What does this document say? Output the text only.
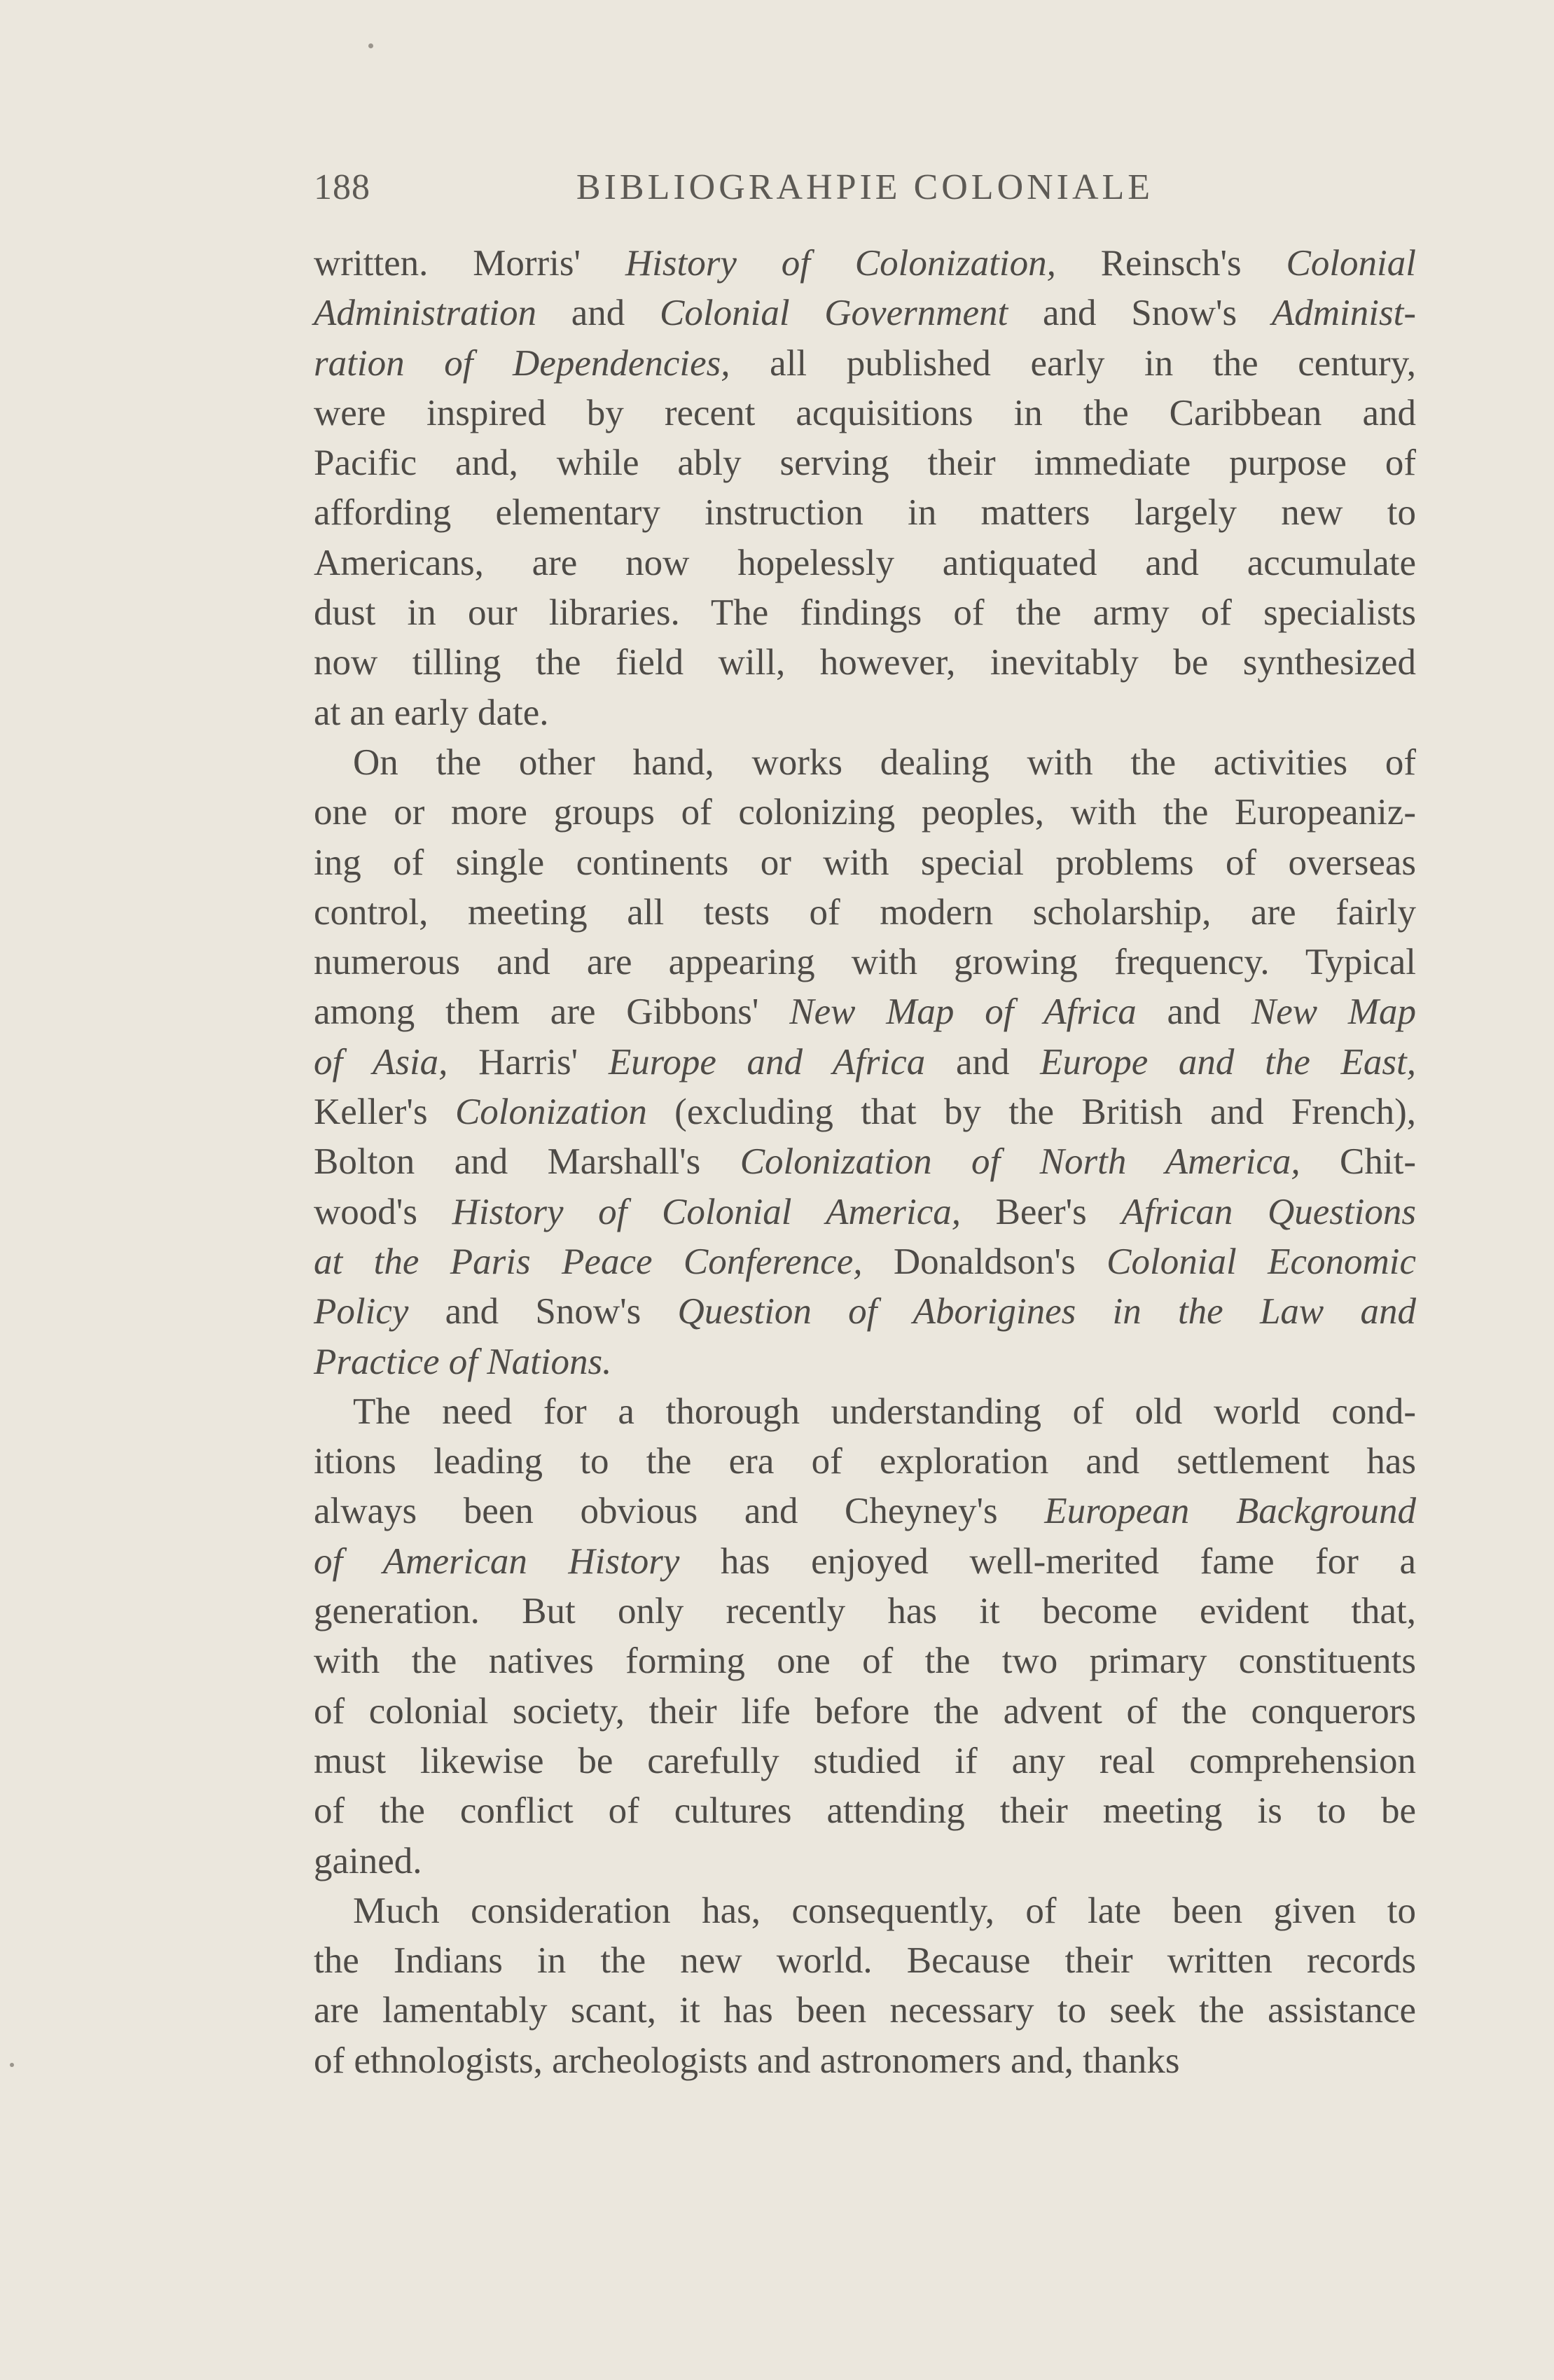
188	BIBLIOGRAHPIE COLONIALE
written. Morris' History of Colonization, Reinsch's Colonial
Administration and Colonial Government and Snow's Administ-
ration of Dependencies, all published early in the century,
were inspired by recent acquisitions in the Caribbean and
Pacific and, while ably serving their immediate purpose of
affording elementary instruction in matters largely new to
Americans, are now hopelessly antiquated and accumulate
dust in our libraries. The findings of the army of specialists
now tilling the field will, however, inevitably be synthesized
at an early date.
On the other hand, works dealing with the activities of
one or more groups of colonizing peoples, with the Europeaniz-
ing of single continents or with special problems of overseas
control, meeting all tests of modern scholarship, are fairly
numerous and are appearing with growing frequency. Typical
among them are Gibbons' New Map of Africa and New Map
of Asia, Harris' Europe and Africa and Europe and the East,
Keller's Colonization (excluding that by the British and French),
Bolton and Marshall's Colonization of North America, Chit-
wood's History of Colonial America, Beer's African Questions
at the Paris Peace Conference, Donaldson's Colonial Economic
Policy and Snow's Question of Aborigines in the Law and
Practice of Nations.
The need for a thorough understanding of old world cond-
itions leading to the era of exploration and settlement has
always been obvious and Cheyney's European Background
of American History has enjoyed well-merited fame for a
generation. But only recently has it become evident that,
with the natives forming one of the two primary constituents
of colonial society, their life before the advent of the conquerors
must likewise be carefully studied if any real comprehension
of the conflict of cultures attending their meeting is to be
gained.
Much consideration has, consequently, of late been given to
the Indians in the new world. Because their written records
are lamentably scant, it has been necessary to seek the assistance
of ethnologists, archeologists and astronomers and, thanks
